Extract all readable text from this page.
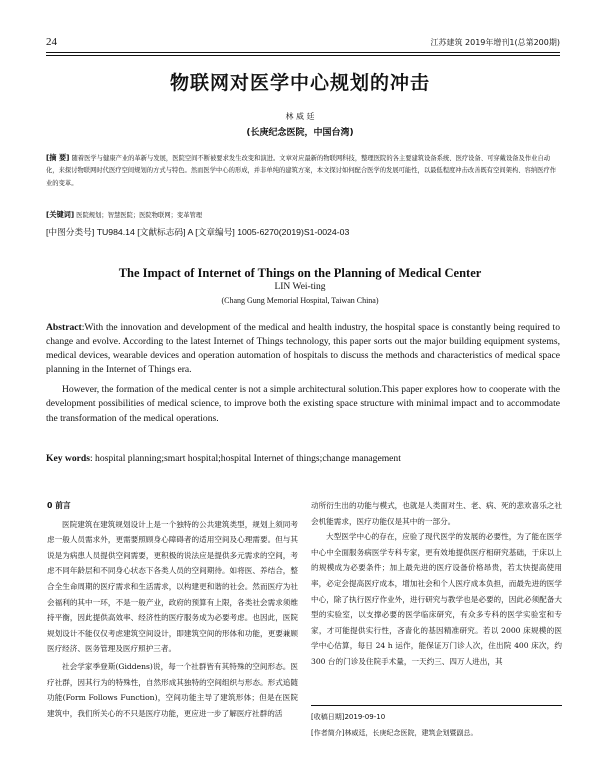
24	江苏建筑 2019年增刊1(总第200期)
物联网对医学中心规划的冲击
林 威 廷
(长庚纪念医院，中国台湾)
[摘 要] 随着医学与健康产业的革新与发展，医院空间不断被要求发生改变和演进。文章对应最新的物联网科技，整理医院的各主要建筑设备系统、医疗设备、可穿戴设备及作业自动化，来探讨物联网时代医疗空间规划的方式与特色。然而医学中心的形成，并非单纯的建筑方案，本文探讨如何配合医学的发展可能性，以最低程度冲击改善既有空间架构、容纳医疗作业的变革。
[关键词] 医院规划；智慧医院；医院物联网；变革管理
[中图分类号] TU984.14 [文献标志码] A [文章编号] 1005-6270(2019)S1-0024-03
The Impact of Internet of Things on the Planning of Medical Center
LIN Wei-ting
(Chang Gung Memorial Hospital, Taiwan China)

Abstract:With the innovation and development of the medical and health industry, the hospital space is constantly being required to change and evolve. According to the latest Internet of Things technology, this paper sorts out the major building equipment systems, medical devices, wearable devices and operation automation of hospitals to discuss the methods and characteristics of medical space planning in the Internet of Things era.

However, the formation of the medical center is not a simple architectural solution.This paper explores how to cooperate with the development possibilities of medical science, to improve both the existing space structure with minimal impact and to accommodate the transformation of the medical operations.

Key words: hospital planning;smart hospital;hospital Internet of things;change management
0 前言

医院建筑在建筑规划设计上是一个独特的公共建筑类型，规划上须同考虑一般人员需求外，更需要照顾身心障碍者的适用空间及心理需要。但与其说是为病患人员提供空间需要，更积极的说法应是提供多元需求的空间，考虑不同年龄层和不同身心状态下各类人员的空间期待。如将医、养结合，整合全生命周期的医疗需求和生活需求，以构建更和谐的社会。然而医疗为社会福利的其中一环，不是一般产业，政府的预算有上限，各类社会需求须维持平衡，因此提供高效率、经济性的医疗服务成为必要考虑。也因此，医院规划设计不能仅仅考虑建筑空间设计，即建筑空间的形体和功能，更要兼顾医疗经济、医务管理及医疗照护三者。

社会学家季登斯(Giddens)说，每一个社群皆有其特殊的空间形态。医疗社群，因其行为的特殊性，自然形成其独特的空间组织与形态。形式追随功能(Form Follows Function)，空间功能主导了建筑形体；但是在医院建筑中，我们所关心的不只是医疗功能，更应进一步了解医疗社群的活

动所衍生出的功能与模式，也就是人类面对生、老、病、死的悲欢喜乐之社会机能需求，医疗功能仅是其中的一部分。

大型医学中心的存在，应验了现代医学的发展的必要性，为了能在医学中心中全面服务病医学专科专家，更有效地提供医疗相研究基础，于床以上的规模成为必要条件；加上最先进的医疗设备价格昂贵，若太快提高使用率，必定会提高医疗成本，增加社会和个人医疗成本负担，而最先进的医学中心，除了执行医疗作业外，进行研究与教学也是必要的，因此必须配备大型的实验室，以支撑必要的医学临床研究，有众多专科的医学实验室和专家，才可能提供实行性，吝啬化的基因精准研究。若以 2000 床规模的医学中心估算，每日 24 h 运作，能保证万门诊人次，住出院 400 床次，约 300 台的门诊及住院手术量，一天约三、四万人进出，其

[收稿日期]2019-09-10
[作者简介]林威廷，长庚纪念医院，建筑企划暨副总。
